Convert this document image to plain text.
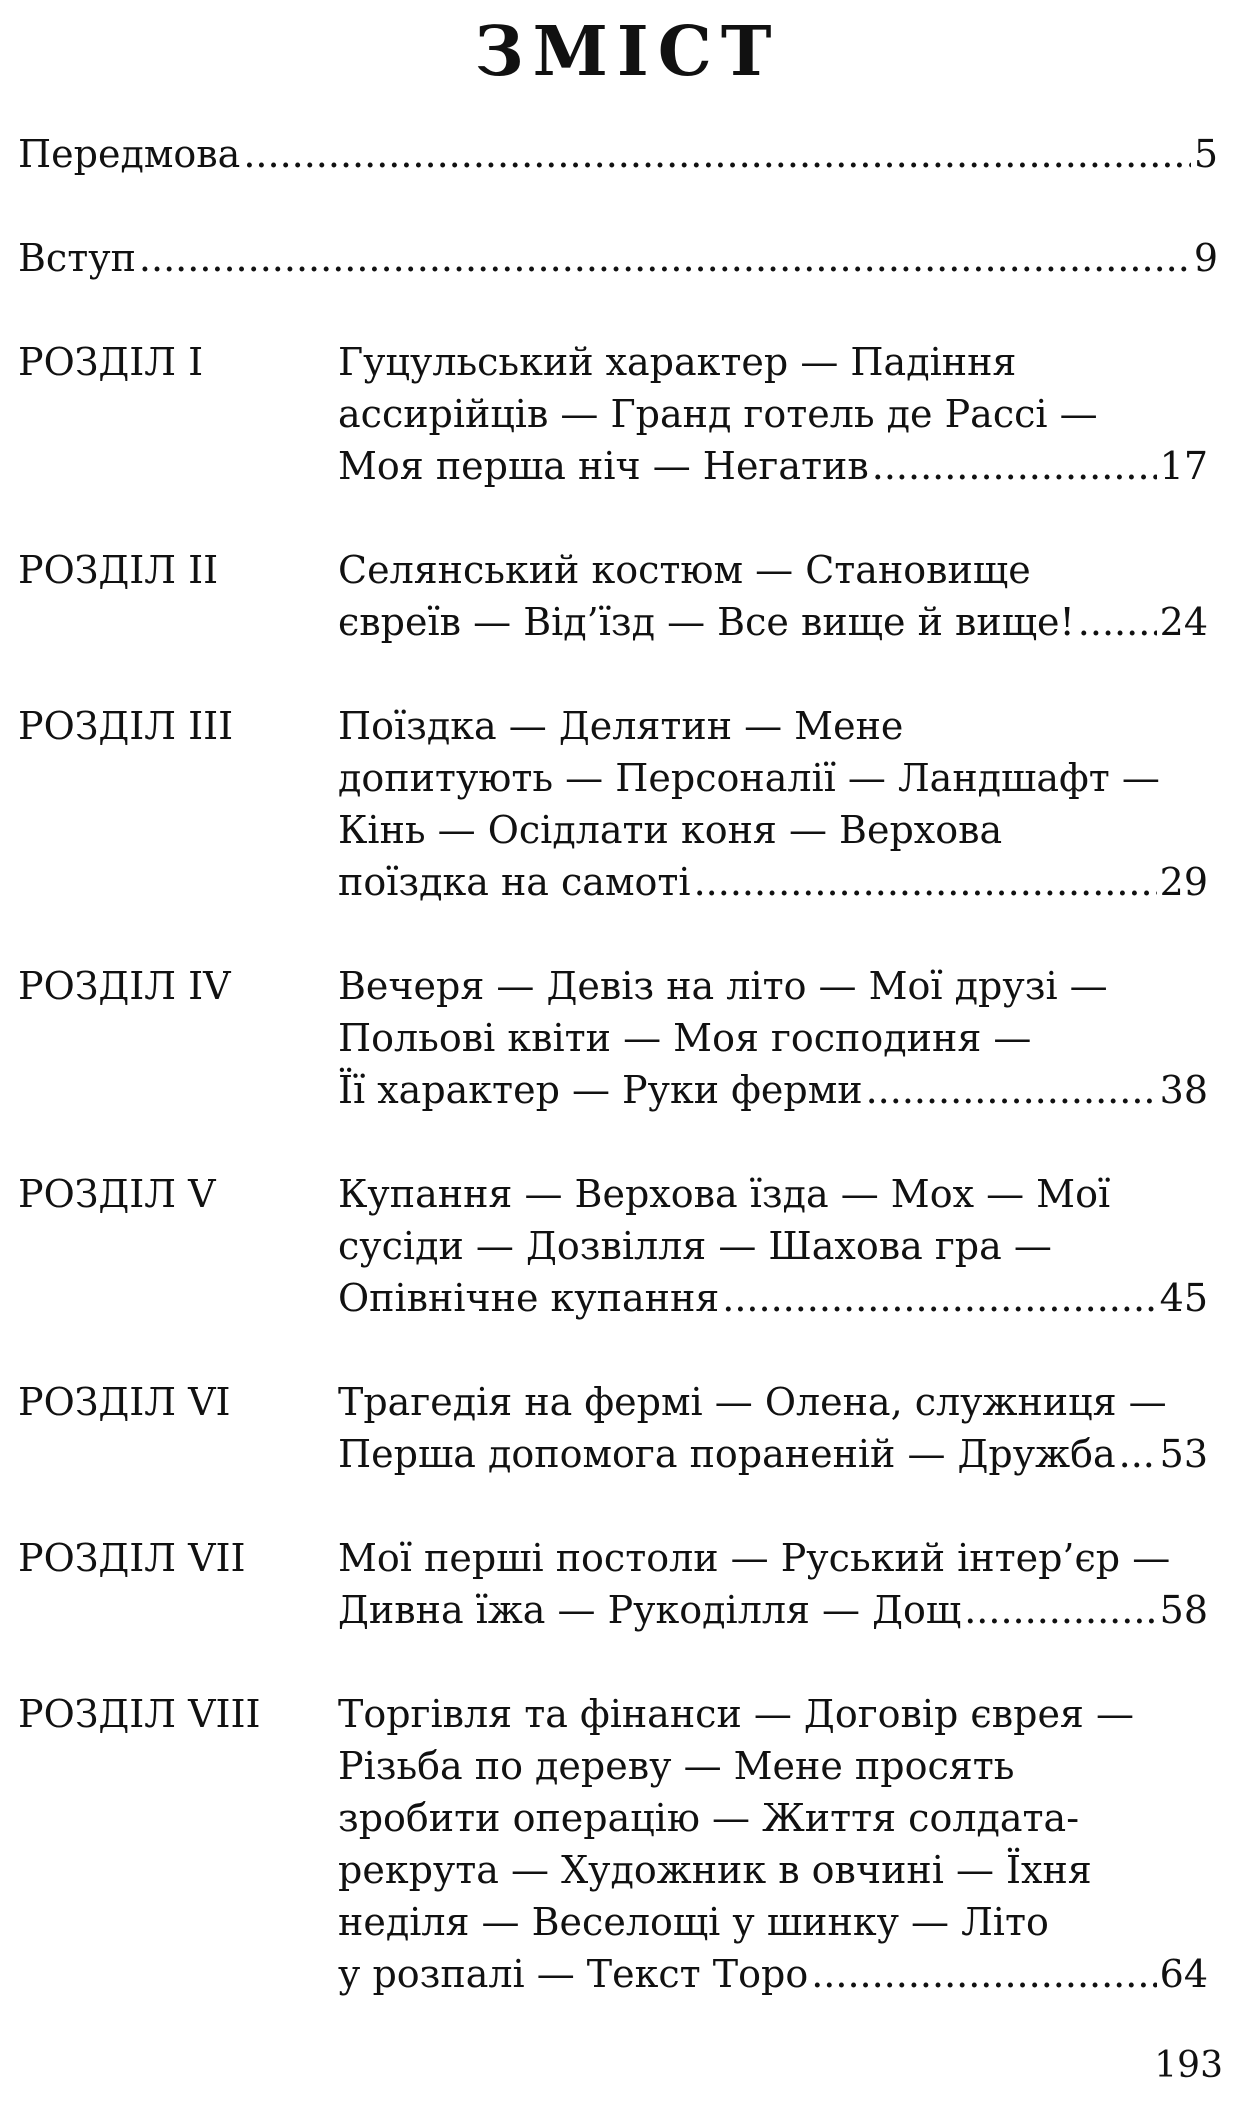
ЗМІСТ
Передмова .....	5
Вступ .....	9
РОЗДІЛ I	Гуцульський характер — Падіння
ассирійців — Гранд готель де Рассі —
Моя перша ніч — Негатив .....	17
РОЗДІЛ II	Селянський костюм — Становище
євреїв — Від’їзд — Все вище й вище! ..... 24
РОЗДІЛ III	Поїздка — Делятин — Мене
допитують — Персоналії — Ландшафт —
Кінь — Осідлати коня — Верхова
поїздка на самоті .....	29
РОЗДІЛ IV	Вечеря — Девіз на літо — Мої друзі —
Польові квіти — Моя господиня —
Її характер — Руки ферми .....	38
РОЗДІЛ V	Купання — Верхова їзда — Мох — Мої
сусіди — Дозвілля — Шахова гра —
Опівнічне купання .....	45
РОЗДІЛ VI	Трагедія на фермі — Олена, служниця —
Перша допомога пораненій — Дружба ..... 53
РОЗДІЛ VII	Мої перші постоли — Руський інтер’єр —
Дивна їжа — Рукоділля — Дощ .....	58
РОЗДІЛ VIII	Торгівля та фінанси — Договір єврея —
Різьба по дереву — Мене просять
зробити операцію — Життя солдата-
рекрута — Художник в овчині — Їхня
неділя — Веселощі у шинку — Літо
у розпалі — Текст Торо .....	64
193
